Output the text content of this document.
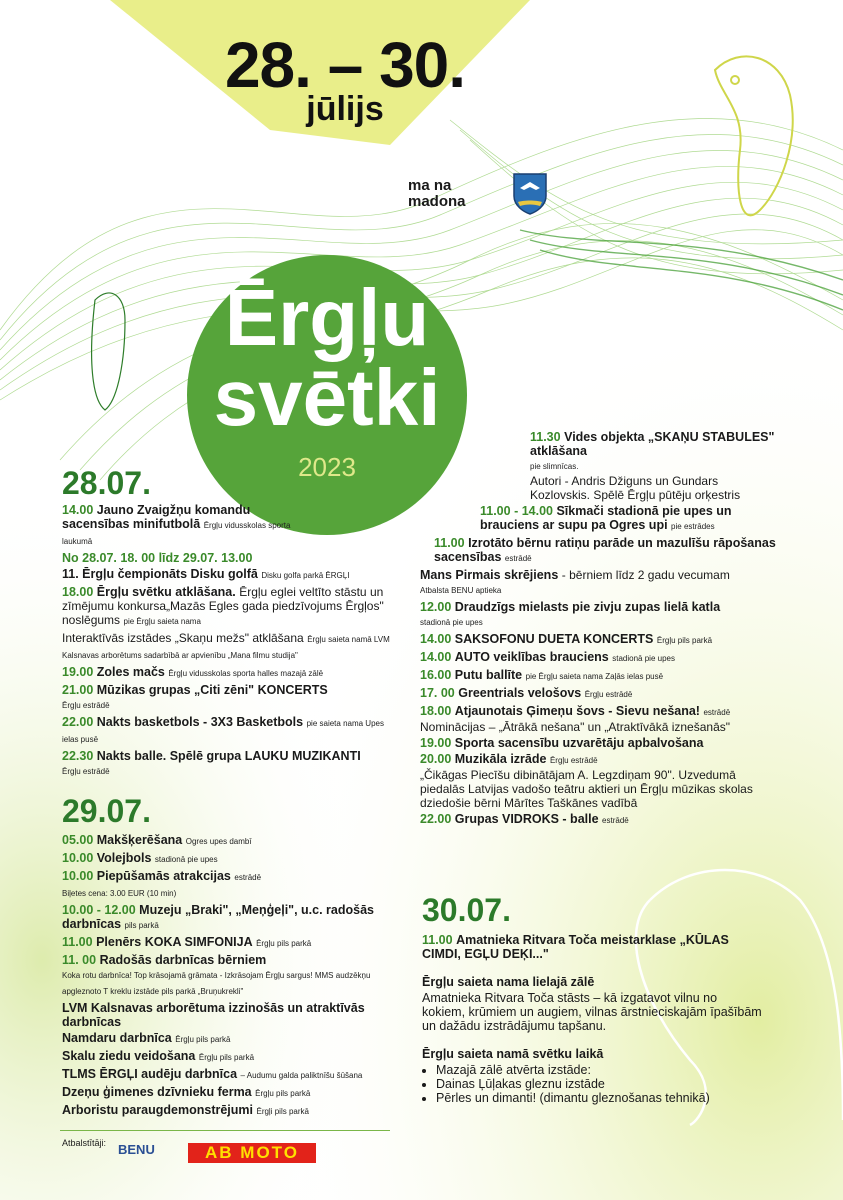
28. – 30.
jūlijs
ma na
madona
Ērgļu
svētki
2023
28.07.
14.00 Jauno Zvaigžņu komandu sacensības minifutbolā Ērgļu vidusskolas sporta laukumā
No 28.07. 18. 00 līdz 29.07. 13.00
11. Ērgļu čempionāts Disku golfā Disku golfa parkā ĒRGĻI
18.00 Ērgļu svētku atklāšana. Ērgļu eglei veltīto stāstu un zīmējumu konkursa„Mazās Egles gada piedzīvojums Ērgļos" noslēgums pie Ērgļu saieta nama
Interaktīvās izstādes „Skaņu mežs" atklāšana Ērgļu saieta namā LVM Kalsnavas arborētums sadarbībā ar apvienību „Mana filmu studija"
19.00 Zoles mačs Ērgļu vidusskolas sporta halles mazajā zālē
21.00 Mūzikas grupas „Citi zēni" KONCERTS
Ērgļu estrādē
22.00 Nakts basketbols - 3X3 Basketbols pie saieta nama Upes ielas pusē
22.30 Nakts balle. Spēlē grupa LAUKU MUZIKANTI
Ērgļu estrādē
11.30 Vides objekta „SKAŅU STABULES" atklāšana
pie slimnīcas.
Autori - Andris Džiguns un Gundars Kozlovskis. Spēlē Ērgļu pūtēju orķestris
11.00 - 14.00 Sīkmači stadionā pie upes un brauciens ar supu pa Ogres upi pie estrādes
11.00 Izrotāto bērnu ratiņu parāde un mazulīšu rāpošanas sacensības estrādē
Mans Pirmais skrējiens - bērniem līdz 2 gadu vecumam
Atbalsta BENU aptieka
12.00 Draudzīgs mielasts pie zivju zupas lielā katla
stadionā pie upes
14.00 SAKSOFONU DUETA KONCERTS Ērgļu pils parkā
14.00 AUTO veiklības brauciens stadionā pie upes
16.00 Putu ballīte pie Ērgļu saieta nama Zaļās ielas pusē
17. 00 Greentrials velošovs Ērgļu estrādē
18.00 Atjaunotais Ģimeņu šovs - Sievu nešana! estrādē
Nominācijas – „Ātrākā nešana" un „Atraktīvākā iznešanās"
19.00 Sporta sacensību uzvarētāju apbalvošana
20.00 Muzikāla izrāde Ērgļu estrādē
„Čikāgas Piecīšu dibinātājam A. Legzdiņam 90". Uzvedumā piedalās Latvijas vadošo teātru aktieri un Ērgļu mūzikas skolas dziedošie bērni Mārītes Taškānes vadībā
22.00 Grupas VIDROKS - balle estrādē
29.07.
05.00 Makšķerēšana Ogres upes dambī
10.00 Volejbols stadionā pie upes
10.00 Piepūšamās atrakcijas estrādē
Biļetes cena: 3.00 EUR (10 min)
10.00 - 12.00 Muzeju „Braki", „Meņģeļi", u.c. radošās darbnīcas pils parkā
11.00 Plenērs KOKA SIMFONIJA Ērgļu pils parkā
11. 00 Radošās darbnīcas bērniem
Koka rotu darbnīca! Top krāsojamā grāmata - Izkrāsojam Ērgļu sargus! MMS audzēkņu apgleznoto T kreklu izstāde pils parkā „Bruņukrekli"
LVM Kalsnavas arborētuma izzinošās un atraktīvās darbnīcas
Namdaru darbnīca Ērgļu pils parkā
Skalu ziedu veidošana Ērgļu pils parkā
TLMS ĒRGĻI audēju darbnīca – Audumu galda paliktnīšu šūšana
Dzeņu ģimenes dzīvnieku ferma Ērgļu pils parkā
Arboristu paraugdemonstrējumi Ērgļi pils parkā
30.07.
11.00 Amatnieka Ritvara Toča meistarklase „KŪLAS CIMDI, EGĻU DEĶI..."
Ērgļu saieta nama lielajā zālē
Amatnieka Ritvara Toča stāsts – kā izgatavot vilnu no kokiem, krūmiem un augiem, vilnas ārstnieciskajām īpašībām un dažādu izstrādājumu tapšanu.
Ērgļu saieta namā svētku laikā
• Mazajā zālē atvērta izstāde:
• Dainas Ļūļakas gleznu izstāde
• Pērles un dimanti! (dimantu gleznošanas tehnikā)
Atbalstītāji: BENU	AB MOTO
